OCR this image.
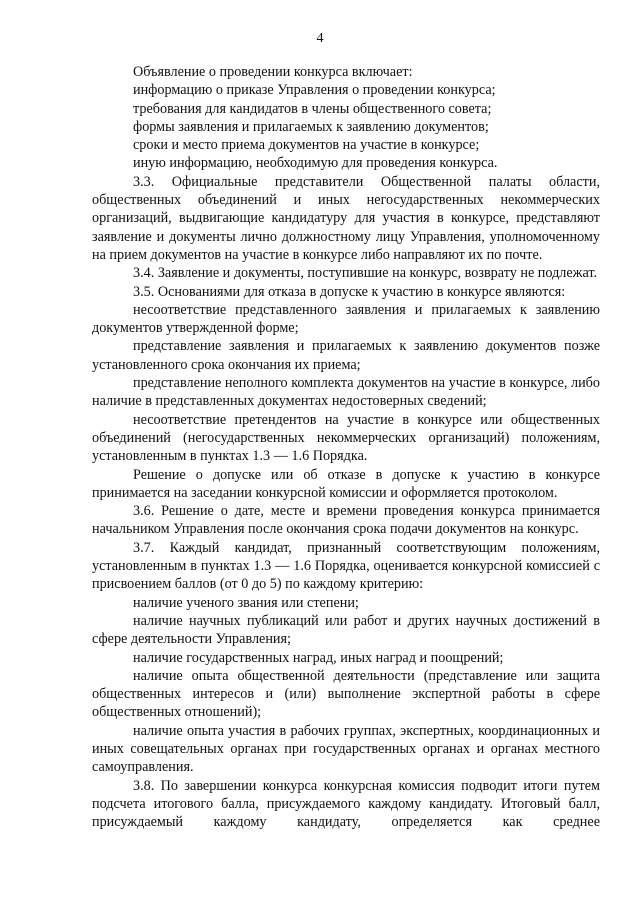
4

Объявление о проведении конкурса включает:

информацию о приказе Управления о проведении конкурса;

требования для кандидатов в члены общественного совета;

формы заявления и прилагаемых к заявлению документов;

сроки и место приема документов на участие в конкурсе;

иную информацию, необходимую для проведения конкурса.

3.3. Официальные представители Общественной палаты области, общественных объединений и иных негосударственных некоммерческих организаций, выдвигающие кандидатуру для участия в конкурсе, представляют заявление и документы лично должностному лицу Управления, уполномоченному на прием документов на участие в конкурсе либо направляют их по почте.

3.4. Заявление и документы, поступившие на конкурс, возврату не подлежат.

3.5. Основаниями для отказа в допуске к участию в конкурсе являются:

несоответствие представленного заявления и прилагаемых к заявлению документов утвержденной форме;

представление заявления и прилагаемых к заявлению документов позже установленного срока окончания их приема;

представление неполного комплекта документов на участие в конкурсе, либо наличие в представленных документах недостоверных сведений;

несоответствие претендентов на участие в конкурсе или общественных объединений (негосударственных некоммерческих организаций) положениям, установленным в пунктах 1.3 — 1.6 Порядка.

Решение о допуске или об отказе в допуске к участию в конкурсе принимается на заседании конкурсной комиссии и оформляется протоколом.

3.6. Решение о дате, месте и времени проведения конкурса принимается начальником Управления после окончания срока подачи документов на конкурс.

3.7. Каждый кандидат, признанный соответствующим положениям, установленным в пунктах 1.3 — 1.6 Порядка, оценивается конкурсной комиссией с присвоением баллов (от 0 до 5) по каждому критерию:

наличие ученого звания или степени;

наличие научных публикаций или работ и других научных достижений в сфере деятельности Управления;

наличие государственных наград, иных наград и поощрений;

наличие опыта общественной деятельности (представление или защита общественных интересов и (или) выполнение экспертной работы в сфере общественных отношений);

наличие опыта участия в рабочих группах, экспертных, координационных и иных совещательных органах при государственных органах и органах местного самоуправления.

3.8. По завершении конкурса конкурсная комиссия подводит итоги путем подсчета итогового балла, присуждаемого каждому кандидату. Итоговый балл, присуждаемый каждому кандидату, определяется как среднее
